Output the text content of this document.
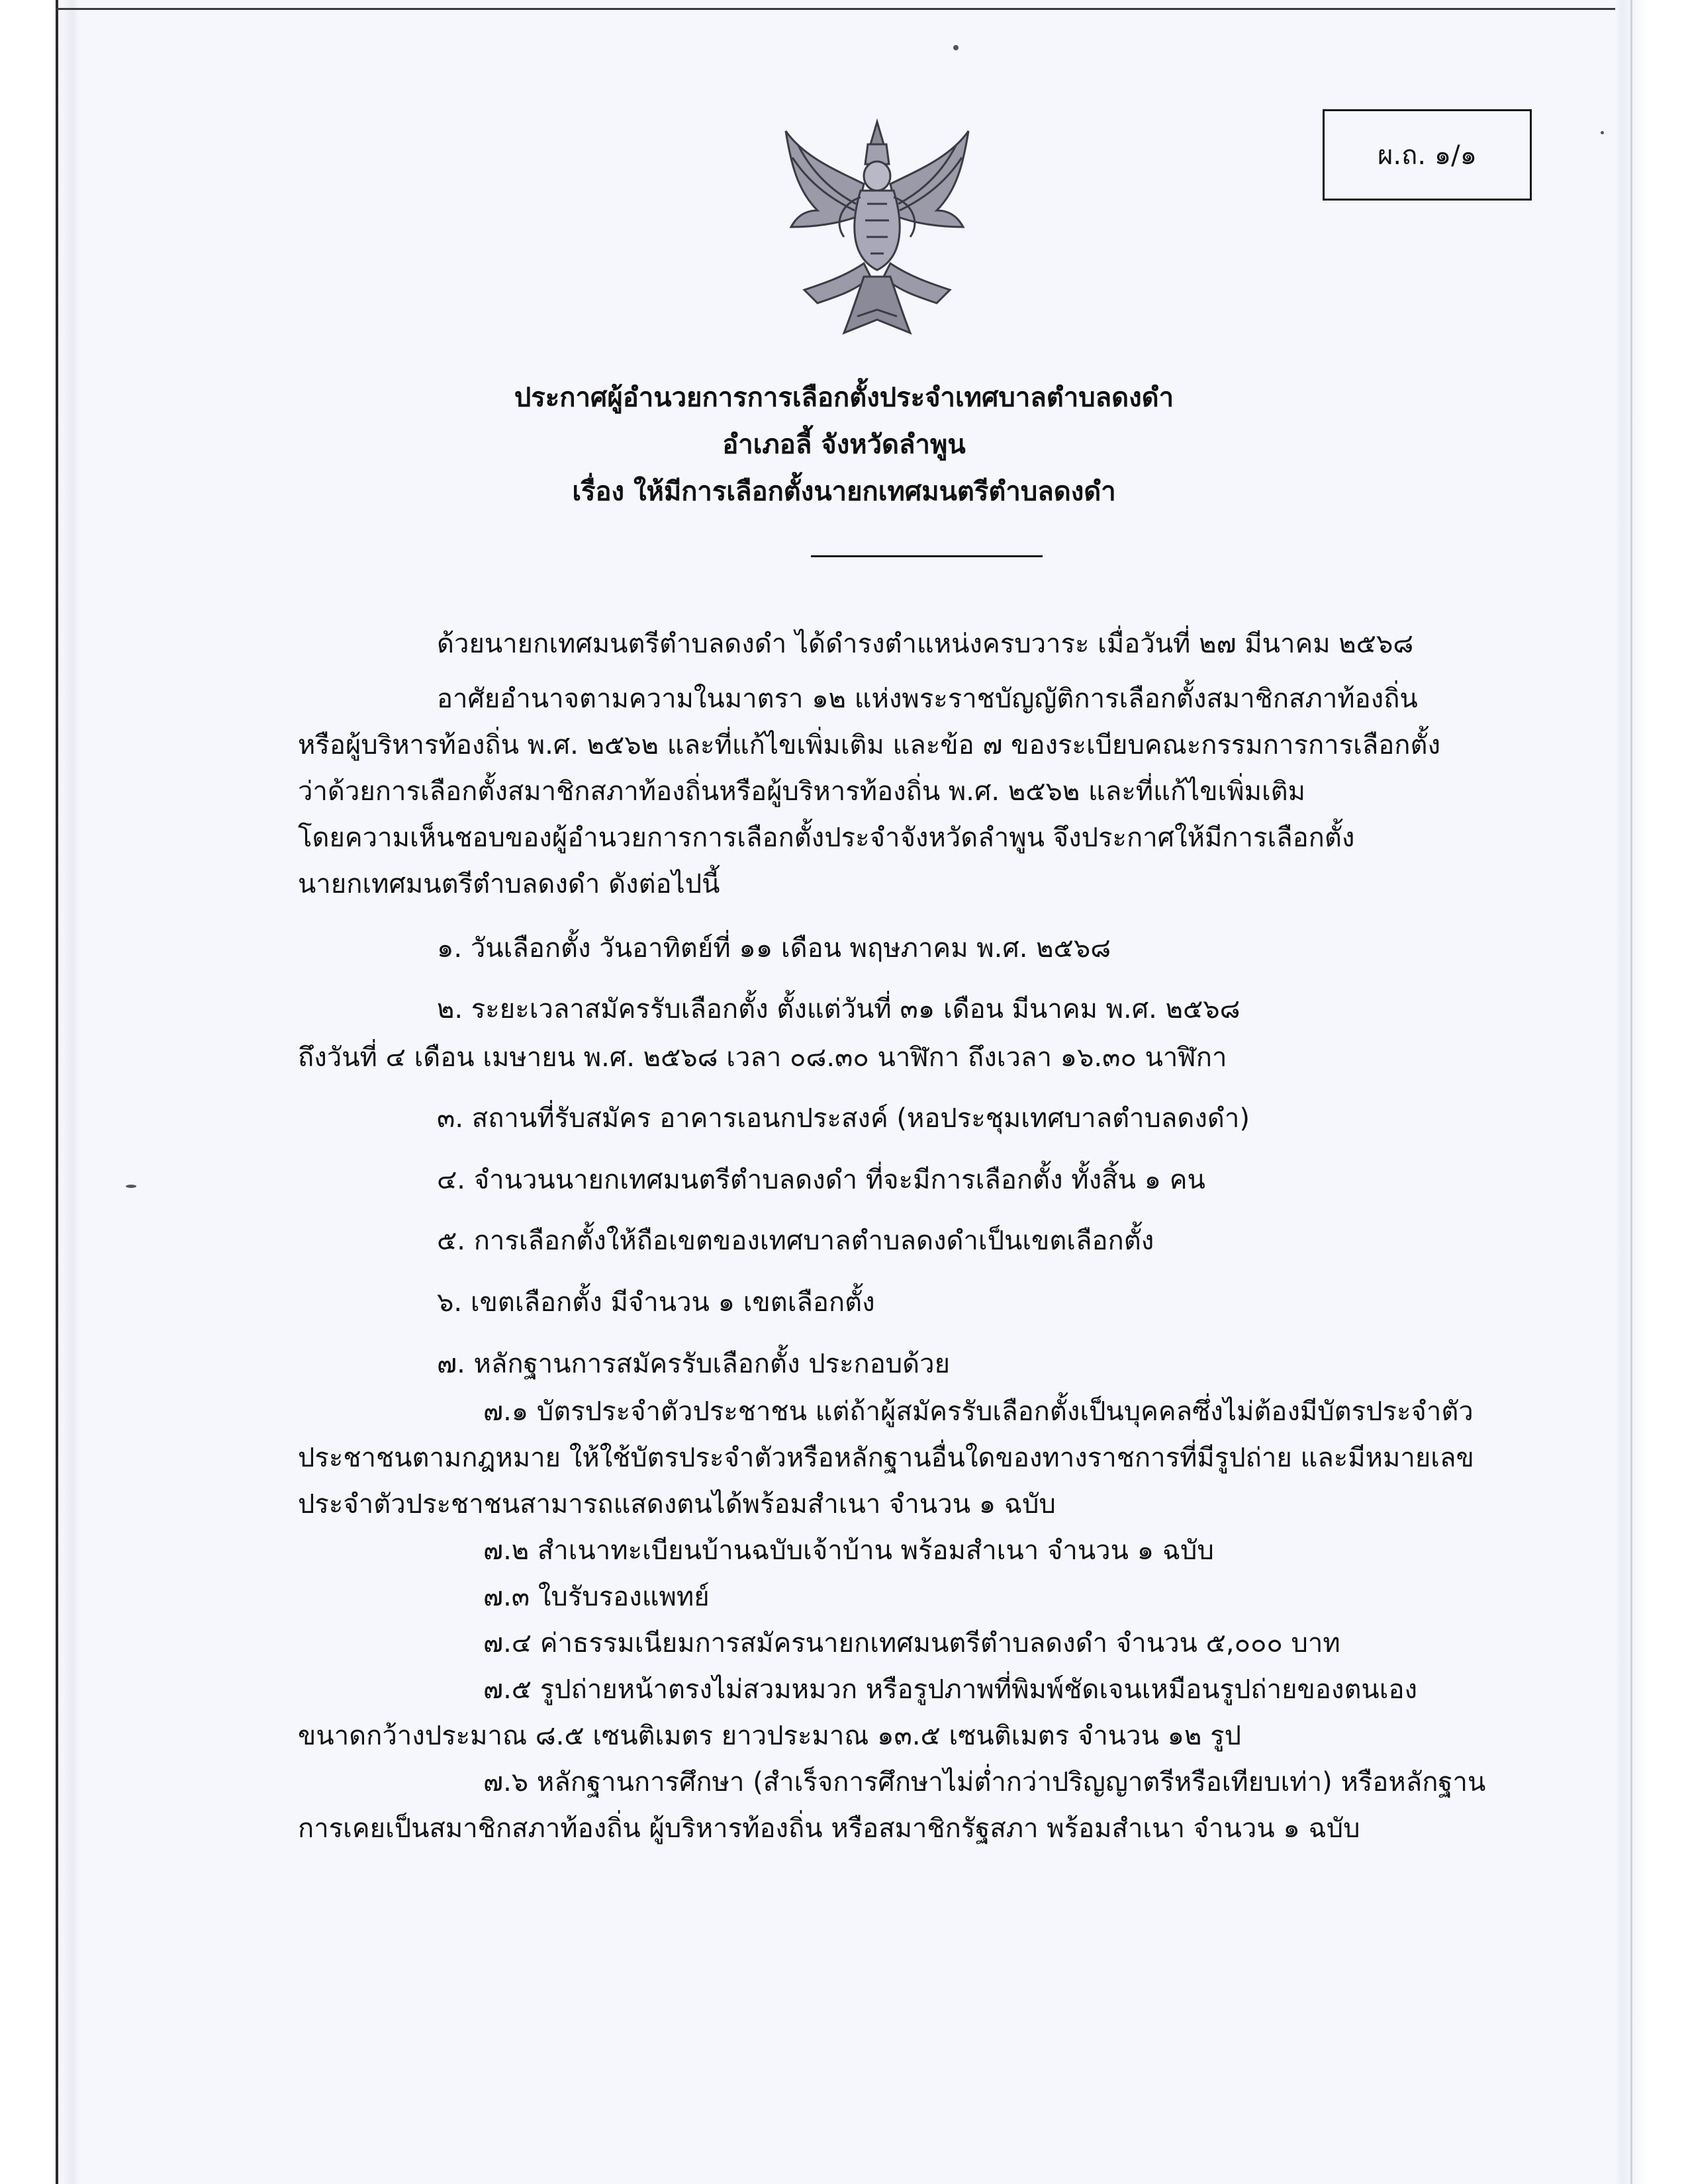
ผ.ถ. ๑/๑
ประกาศผู้อำนวยการการเลือกตั้งประจำเทศบาลตำบลดงดำ
อำเภอลี้ จังหวัดลำพูน
เรื่อง ให้มีการเลือกตั้งนายกเทศมนตรีตำบลดงดำ
ด้วยนายกเทศมนตรีตำบลดงดำ ได้ดำรงตำแหน่งครบวาระ เมื่อวันที่ ๒๗ มีนาคม ๒๕๖๘
อาศัยอำนาจตามความในมาตรา ๑๒ แห่งพระราชบัญญัติการเลือกตั้งสมาชิกสภาท้องถิ่น
หรือผู้บริหารท้องถิ่น พ.ศ. ๒๕๖๒ และที่แก้ไขเพิ่มเติม และข้อ ๗ ของระเบียบคณะกรรมการการเลือกตั้ง
ว่าด้วยการเลือกตั้งสมาชิกสภาท้องถิ่นหรือผู้บริหารท้องถิ่น พ.ศ. ๒๕๖๒ และที่แก้ไขเพิ่มเติม
โดยความเห็นชอบของผู้อำนวยการการเลือกตั้งประจำจังหวัดลำพูน จึงประกาศให้มีการเลือกตั้ง
นายกเทศมนตรีตำบลดงดำ ดังต่อไปนี้
๑. วันเลือกตั้ง วันอาทิตย์ที่ ๑๑ เดือน พฤษภาคม พ.ศ. ๒๕๖๘
๒. ระยะเวลาสมัครรับเลือกตั้ง ตั้งแต่วันที่ ๓๑ เดือน มีนาคม พ.ศ. ๒๕๖๘
ถึงวันที่ ๔ เดือน เมษายน พ.ศ. ๒๕๖๘ เวลา ๐๘.๓๐ นาฬิกา ถึงเวลา ๑๖.๓๐ นาฬิกา
๓. สถานที่รับสมัคร อาคารเอนกประสงค์ (หอประชุมเทศบาลตำบลดงดำ)
๔. จำนวนนายกเทศมนตรีตำบลดงดำ ที่จะมีการเลือกตั้ง ทั้งสิ้น ๑ คน
๕. การเลือกตั้งให้ถือเขตของเทศบาลตำบลดงดำเป็นเขตเลือกตั้ง
๖. เขตเลือกตั้ง มีจำนวน ๑ เขตเลือกตั้ง
๗. หลักฐานการสมัครรับเลือกตั้ง ประกอบด้วย
๗.๑ บัตรประจำตัวประชาชน แต่ถ้าผู้สมัครรับเลือกตั้งเป็นบุคคลซึ่งไม่ต้องมีบัตรประจำตัว
ประชาชนตามกฎหมาย ให้ใช้บัตรประจำตัวหรือหลักฐานอื่นใดของทางราชการที่มีรูปถ่าย และมีหมายเลข
ประจำตัวประชาชนสามารถแสดงตนได้พร้อมสำเนา จำนวน ๑ ฉบับ
๗.๒ สำเนาทะเบียนบ้านฉบับเจ้าบ้าน พร้อมสำเนา จำนวน ๑ ฉบับ
๗.๓ ใบรับรองแพทย์
๗.๔ ค่าธรรมเนียมการสมัครนายกเทศมนตรีตำบลดงดำ จำนวน ๕,๐๐๐ บาท
๗.๕ รูปถ่ายหน้าตรงไม่สวมหมวก หรือรูปภาพที่พิมพ์ชัดเจนเหมือนรูปถ่ายของตนเอง
ขนาดกว้างประมาณ ๘.๕ เซนติเมตร ยาวประมาณ ๑๓.๕ เซนติเมตร จำนวน ๑๒ รูป
๗.๖ หลักฐานการศึกษา (สำเร็จการศึกษาไม่ต่ำกว่าปริญญาตรีหรือเทียบเท่า) หรือหลักฐาน
การเคยเป็นสมาชิกสภาท้องถิ่น ผู้บริหารท้องถิ่น หรือสมาชิกรัฐสภา พร้อมสำเนา จำนวน ๑ ฉบับ
